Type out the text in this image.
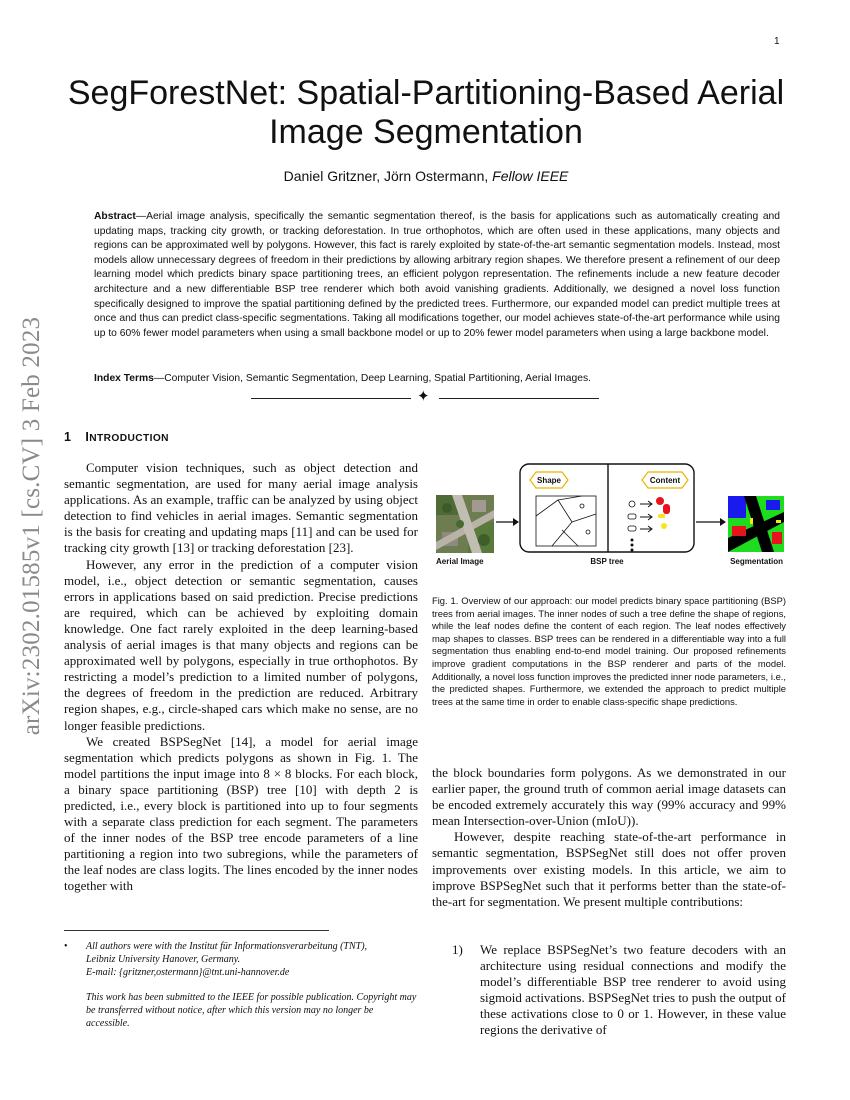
1
arXiv:2302.01585v1 [cs.CV] 3 Feb 2023
SegForestNet: Spatial-Partitioning-Based Aerial
Image Segmentation
Daniel Gritzner, Jörn Ostermann, Fellow IEEE
Abstract—Aerial image analysis, specifically the semantic segmentation thereof, is the basis for applications such as automatically creating and updating maps, tracking city growth, or tracking deforestation. In true orthophotos, which are often used in these applications, many objects and regions can be approximated well by polygons. However, this fact is rarely exploited by state-of-the-art semantic segmentation models. Instead, most models allow unnecessary degrees of freedom in their predictions by allowing arbitrary region shapes. We therefore present a refinement of our deep learning model which predicts binary space partitioning trees, an efficient polygon representation. The refinements include a new feature decoder architecture and a new differentiable BSP tree renderer which both avoid vanishing gradients. Additionally, we designed a novel loss function specifically designed to improve the spatial partitioning defined by the predicted trees. Furthermore, our expanded model can predict multiple trees at once and thus can predict class-specific segmentations. Taking all modifications together, our model achieves state-of-the-art performance while using up to 60% fewer model parameters when using a small backbone model or up to 20% fewer model parameters when using a large backbone model.
Index Terms—Computer Vision, Semantic Segmentation, Deep Learning, Spatial Partitioning, Aerial Images.
✦
1 INTRODUCTION

Computer vision techniques, such as object detection and semantic segmentation, are used for many aerial image analysis applications. As an example, traffic can be analyzed by using object detection to find vehicles in aerial images. Semantic segmentation is the basis for creating and updating maps [11] and can be used for tracking city growth [13] or tracking deforestation [23].

However, any error in the prediction of a computer vision model, i.e., object detection or semantic segmentation, causes errors in applications based on said prediction. Precise predictions are required, which can be achieved by exploiting domain knowledge. One fact rarely exploited in the deep learning-based analysis of aerial images is that many objects and regions can be approximated well by polygons, especially in true orthophotos. By restricting a model’s prediction to a limited number of polygons, the degrees of freedom in the prediction are reduced. Arbitrary region shapes, e.g., circle-shaped cars which make no sense, are no longer feasible predictions.

We created BSPSegNet [14], a model for aerial image segmentation which predicts polygons as shown in Fig. 1. The model partitions the input image into 8 × 8 blocks. For each block, a binary space partitioning (BSP) tree [10] with depth 2 is predicted, i.e., every block is partitioned into up to four segments with a separate class prediction for each segment. The parameters of the inner nodes of the BSP tree encode parameters of a line partitioning a region into two subregions, while the parameters of the leaf nodes are class logits. The lines encoded by the inner nodes together with

• All authors were with the Institut für Informationsverarbeitung (TNT),
Leibniz University Hanover, Germany.
E-mail: {gritzner,ostermann}@tnt.uni-hannover.de
This work has been submitted to the IEEE for possible publication. Copyright may be transferred without notice, after which this version may no longer be accessible.
Shape	Content
Aerial Image	BSP tree	Segmentation
Fig. 1. Overview of our approach: our model predicts binary space partitioning (BSP) trees from aerial images. The inner nodes of such a tree define the shape of regions, while the leaf nodes define the content of each region. The leaf nodes effectively map shapes to classes. BSP trees can be rendered in a differentiable way into a full segmentation thus enabling end-to-end model training. Our proposed refinements improve gradient computations in the BSP renderer and parts of the model. Additionally, a novel loss function improves the predicted inner node parameters, i.e., the predicted shapes. Furthermore, we extended the approach to predict multiple trees at the same time in order to enable class-specific shape predictions.

the block boundaries form polygons. As we demonstrated in our earlier paper, the ground truth of common aerial image datasets can be encoded extremely accurately this way (99% accuracy and 99% mean Intersection-over-Union (mIoU)).

However, despite reaching state-of-the-art performance in semantic segmentation, BSPSegNet still does not offer proven improvements over existing models. In this article, we aim to improve BSPSegNet such that it performs better than the state-of-the-art for segmentation. We present multiple contributions:

1) We replace BSPSegNet’s two feature decoders with an architecture using residual connections and modify the model’s differentiable BSP tree renderer to avoid using sigmoid activations. BSPSegNet tries to push the output of these activations close to 0 or 1. However, in these value regions the derivative of
